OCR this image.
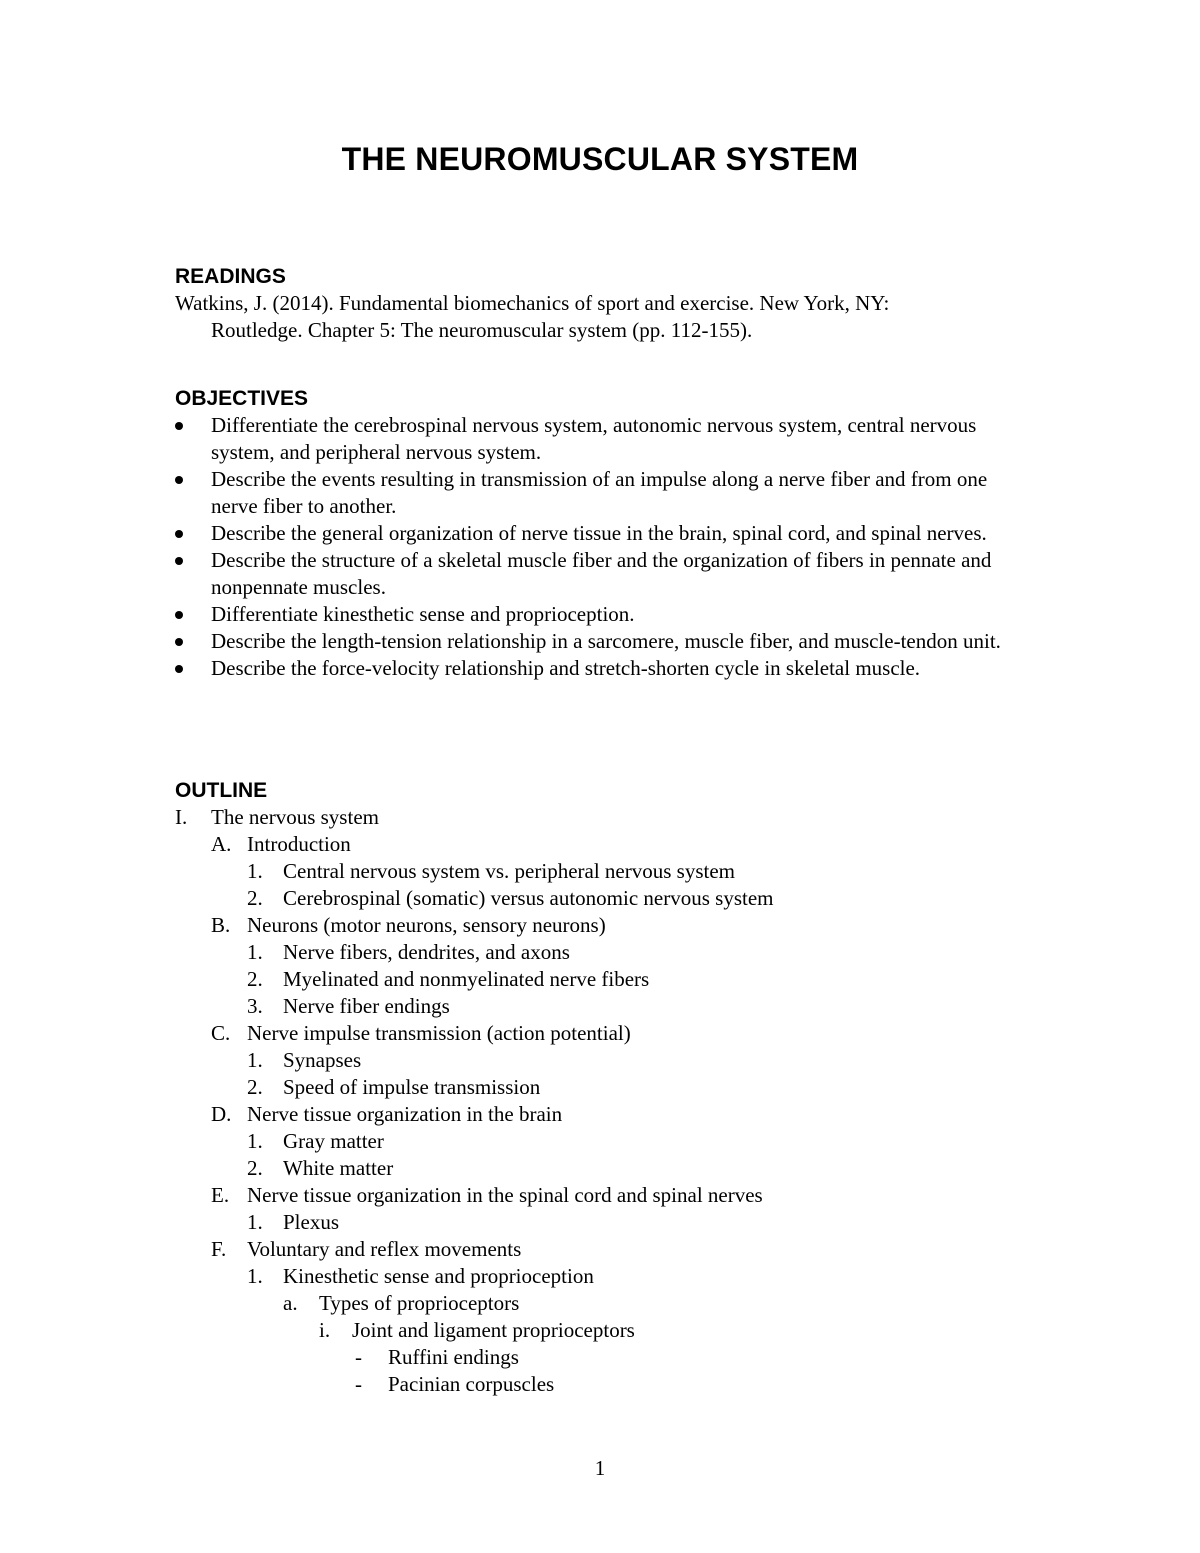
THE NEUROMUSCULAR SYSTEM
READINGS
Watkins, J. (2014). Fundamental biomechanics of sport and exercise. New York, NY:
Routledge. Chapter 5: The neuromuscular system (pp. 112-155).
OBJECTIVES
Differentiate the cerebrospinal nervous system, autonomic nervous system, central nervous system, and peripheral nervous system.
Describe the events resulting in transmission of an impulse along a nerve fiber and from one nerve fiber to another.
Describe the general organization of nerve tissue in the brain, spinal cord, and spinal nerves.
Describe the structure of a skeletal muscle fiber and the organization of fibers in pennate and nonpennate muscles.
Differentiate kinesthetic sense and proprioception.
Describe the length-tension relationship in a sarcomere, muscle fiber, and muscle-tendon unit.
Describe the force-velocity relationship and stretch-shorten cycle in skeletal muscle.
OUTLINE
I. The nervous system
A. Introduction
1. Central nervous system vs. peripheral nervous system
2. Cerebrospinal (somatic) versus autonomic nervous system
B. Neurons (motor neurons, sensory neurons)
1. Nerve fibers, dendrites, and axons
2. Myelinated and nonmyelinated nerve fibers
3. Nerve fiber endings
C. Nerve impulse transmission (action potential)
1. Synapses
2. Speed of impulse transmission
D. Nerve tissue organization in the brain
1. Gray matter
2. White matter
E. Nerve tissue organization in the spinal cord and spinal nerves
1. Plexus
F. Voluntary and reflex movements
1. Kinesthetic sense and proprioception
a. Types of proprioceptors
i. Joint and ligament proprioceptors
- Ruffini endings
- Pacinian corpuscles
1
